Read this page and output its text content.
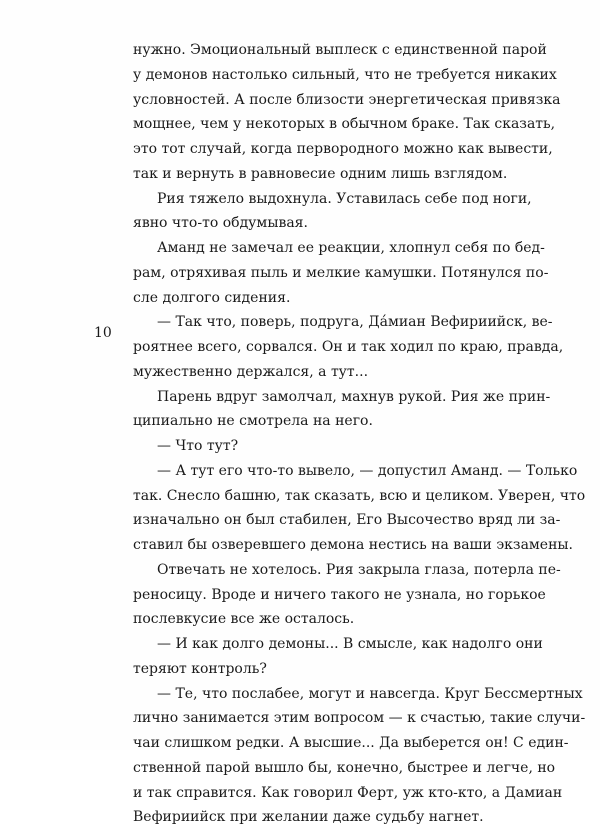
10
нужно. Эмоциональный выплеск с единственной парой
у демонов настолько сильный, что не требуется никаких
условностей. А после близости энергетическая привязка
мощнее, чем у некоторых в обычном браке. Так сказать,
это тот случай, когда первородного можно как вывести,
так и вернуть в равновесие одним лишь взглядом.
Рия тяжело выдохнула. Уставилась себе под ноги,
явно что-то обдумывая.
Аманд не замечал ее реакции, хлопнул себя по бед-
рам, отряхивая пыль и мелкие камушки. Потянулся по-
сле долгого сидения.
— Так что, поверь, подруга, Дáмиан Вефириийск, ве-
роятнее всего, сорвался. Он и так ходил по краю, правда,
мужественно держался, а тут...
Парень вдруг замолчал, махнув рукой. Рия же прин-
ципиально не смотрела на него.
— Что тут?
— А тут его что-то вывело, — допустил Аманд. — Только
так. Снесло башню, так сказать, всю и целиком. Уверен, что
изначально он был стабилен, Его Высочество вряд ли за-
ставил бы озверевшего демона нестись на ваши экзамены.
Отвечать не хотелось. Рия закрыла глаза, потерла пе-
реносицу. Вроде и ничего такого не узнала, но горькое
послевкусие все же осталось.
— И как долго демоны... В смысле, как надолго они
теряют контроль?
— Те, что послабее, могут и навсегда. Круг Бессмертных
лично занимается этим вопросом — к счастью, такие случи-
чаи слишком редки. А высшие... Да выберется он! С един-
ственной парой вышло бы, конечно, быстрее и легче, но
и так справится. Как говорил Ферт, уж кто-кто, а Дамиан
Вефириийск при желании даже судьбу нагнет.
